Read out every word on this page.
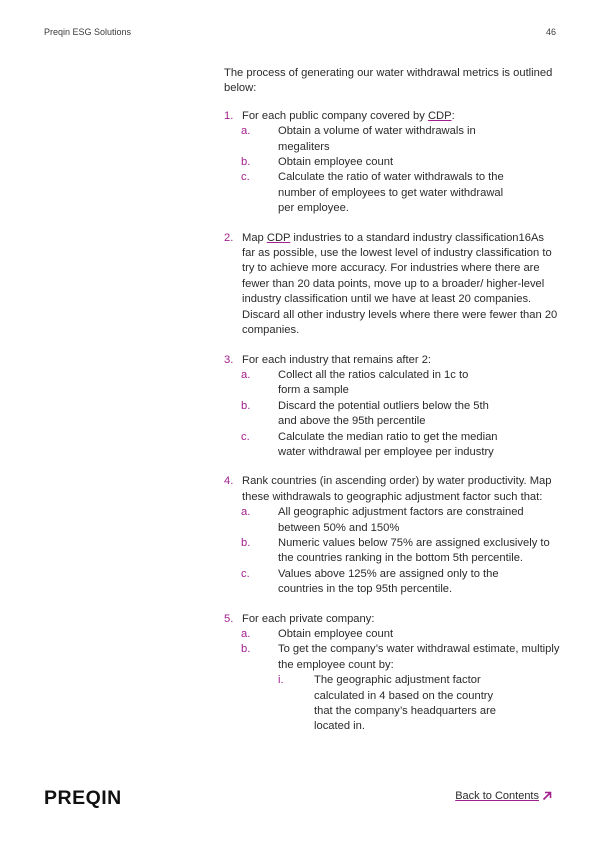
Preqin ESG Solutions	46

The process of generating our water withdrawal metrics is outlined below:

1. For each public company covered by CDP:
a.	Obtain a volume of water withdrawals in megaliters
b.	Obtain employee count
c.	Calculate the ratio of water withdrawals to the number of employees to get water withdrawal per employee.
2. Map CDP industries to a standard industry classification16As far as possible, use the lowest level of industry classification to try to achieve more accuracy. For industries where there are fewer than 20 data points, move up to a broader/ higher-level industry classification until we have at least 20 companies. Discard all other industry levels where there were fewer than 20 companies.
3. For each industry that remains after 2:
a.	Collect all the ratios calculated in 1c to form a sample
b.	Discard the potential outliers below the 5th and above the 95th percentile
c.	Calculate the median ratio to get the median water withdrawal per employee per industry
4. Rank countries (in ascending order) by water productivity. Map these withdrawals to geographic adjustment factor such that:
a.	All geographic adjustment factors are constrained between 50% and 150%
b.	Numeric values below 75% are assigned exclusively to the countries ranking in the bottom 5th percentile.
c.	Values above 125% are assigned only to the countries in the top 95th percentile.
5. For each private company:
a.	Obtain employee count
b.	To get the company’s water withdrawal estimate, multiply the employee count by:
i.	The geographic adjustment factor calculated in 4 based on the country that the company’s headquarters are located in.
PREQIN	Back to Contents
